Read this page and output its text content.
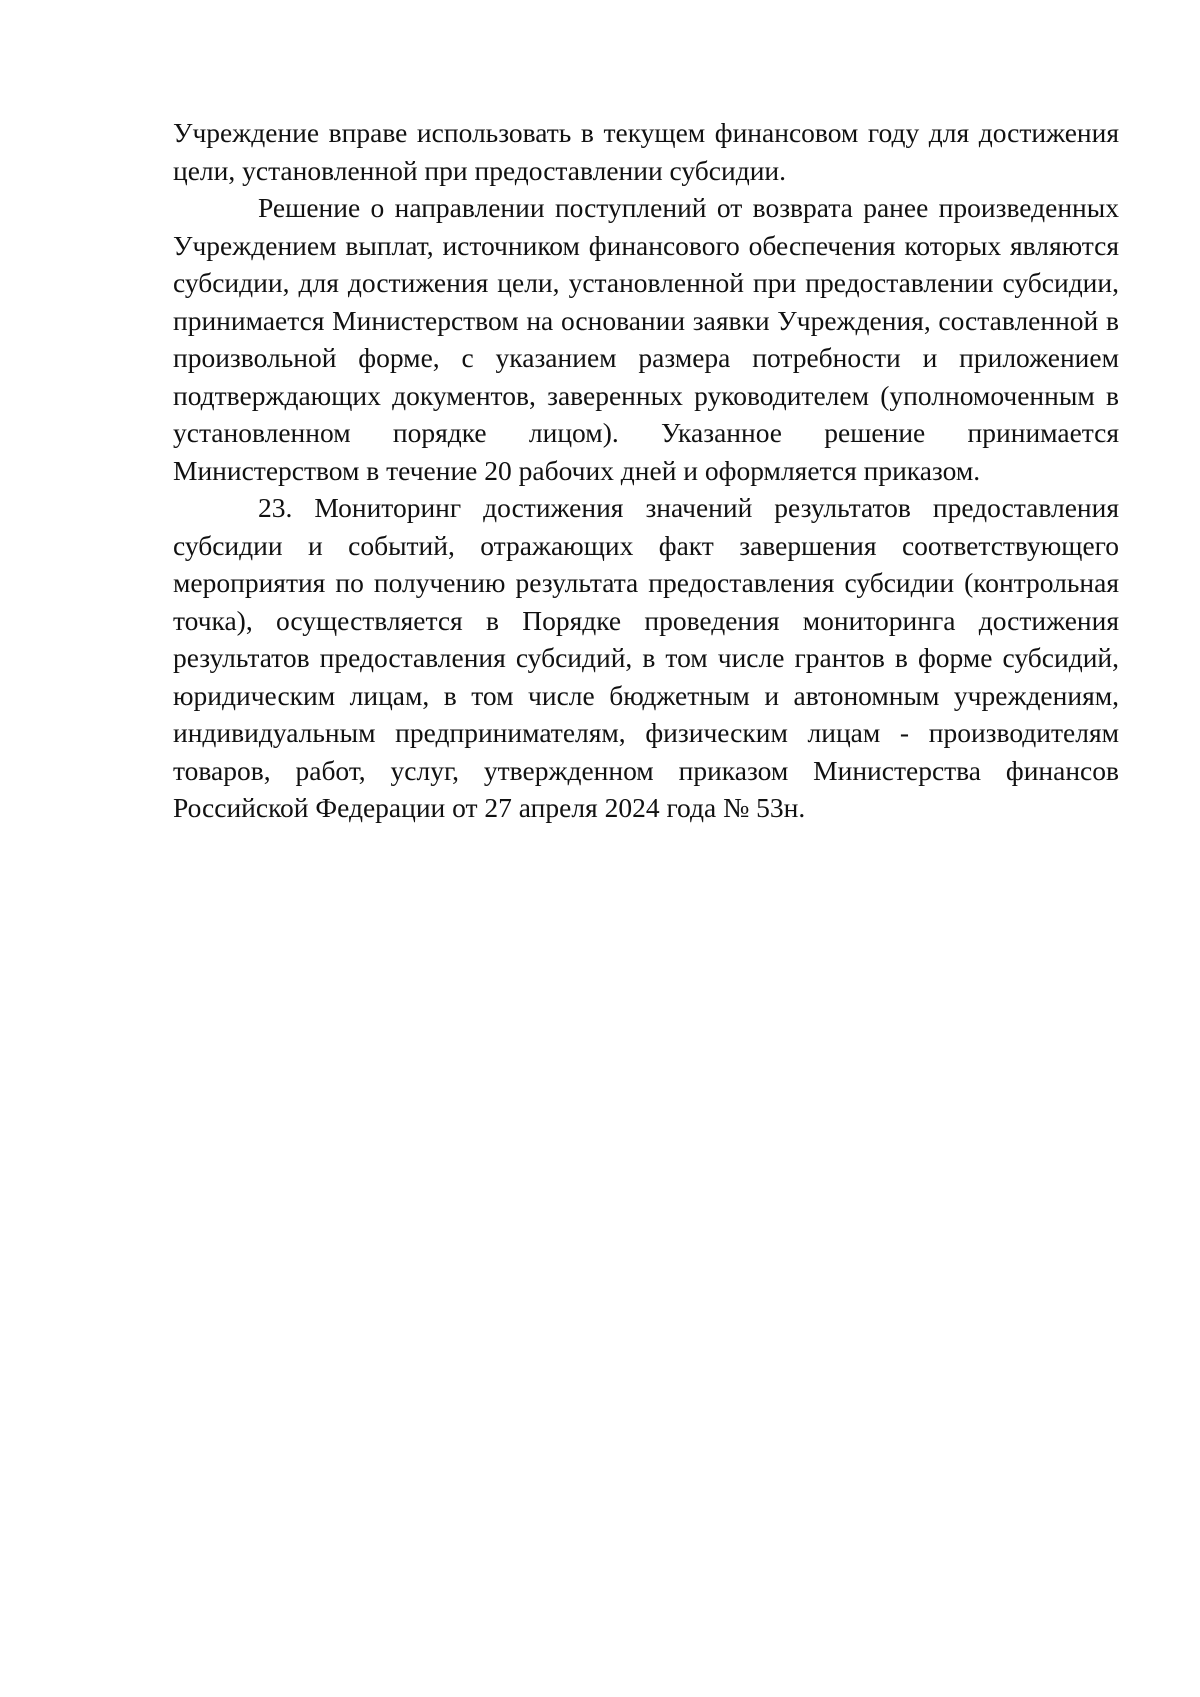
Учреждение вправе использовать в текущем финансовом году для достижения цели, установленной при предоставлении субсидии.

Решение о направлении поступлений от возврата ранее произведенных Учреждением выплат, источником финансового обеспечения которых являются субсидии, для достижения цели, установленной при предоставлении субсидии, принимается Министерством на основании заявки Учреждения, составленной в произвольной форме, с указанием размера потребности и приложением подтверждающих документов, заверенных руководителем (уполномоченным в установленном порядке лицом). Указанное решение принимается Министерством в течение 20 рабочих дней и оформляется приказом.

23. Мониторинг достижения значений результатов предоставления субсидии и событий, отражающих факт завершения соответствующего мероприятия по получению результата предоставления субсидии (контрольная точка), осуществляется в Порядке проведения мониторинга достижения результатов предоставления субсидий, в том числе грантов в форме субсидий, юридическим лицам, в том числе бюджетным и автономным учреждениям, индивидуальным предпринимателям, физическим лицам - производителям товаров, работ, услуг, утвержденном приказом Министерства финансов Российской Федерации от 27 апреля 2024 года № 53н.
